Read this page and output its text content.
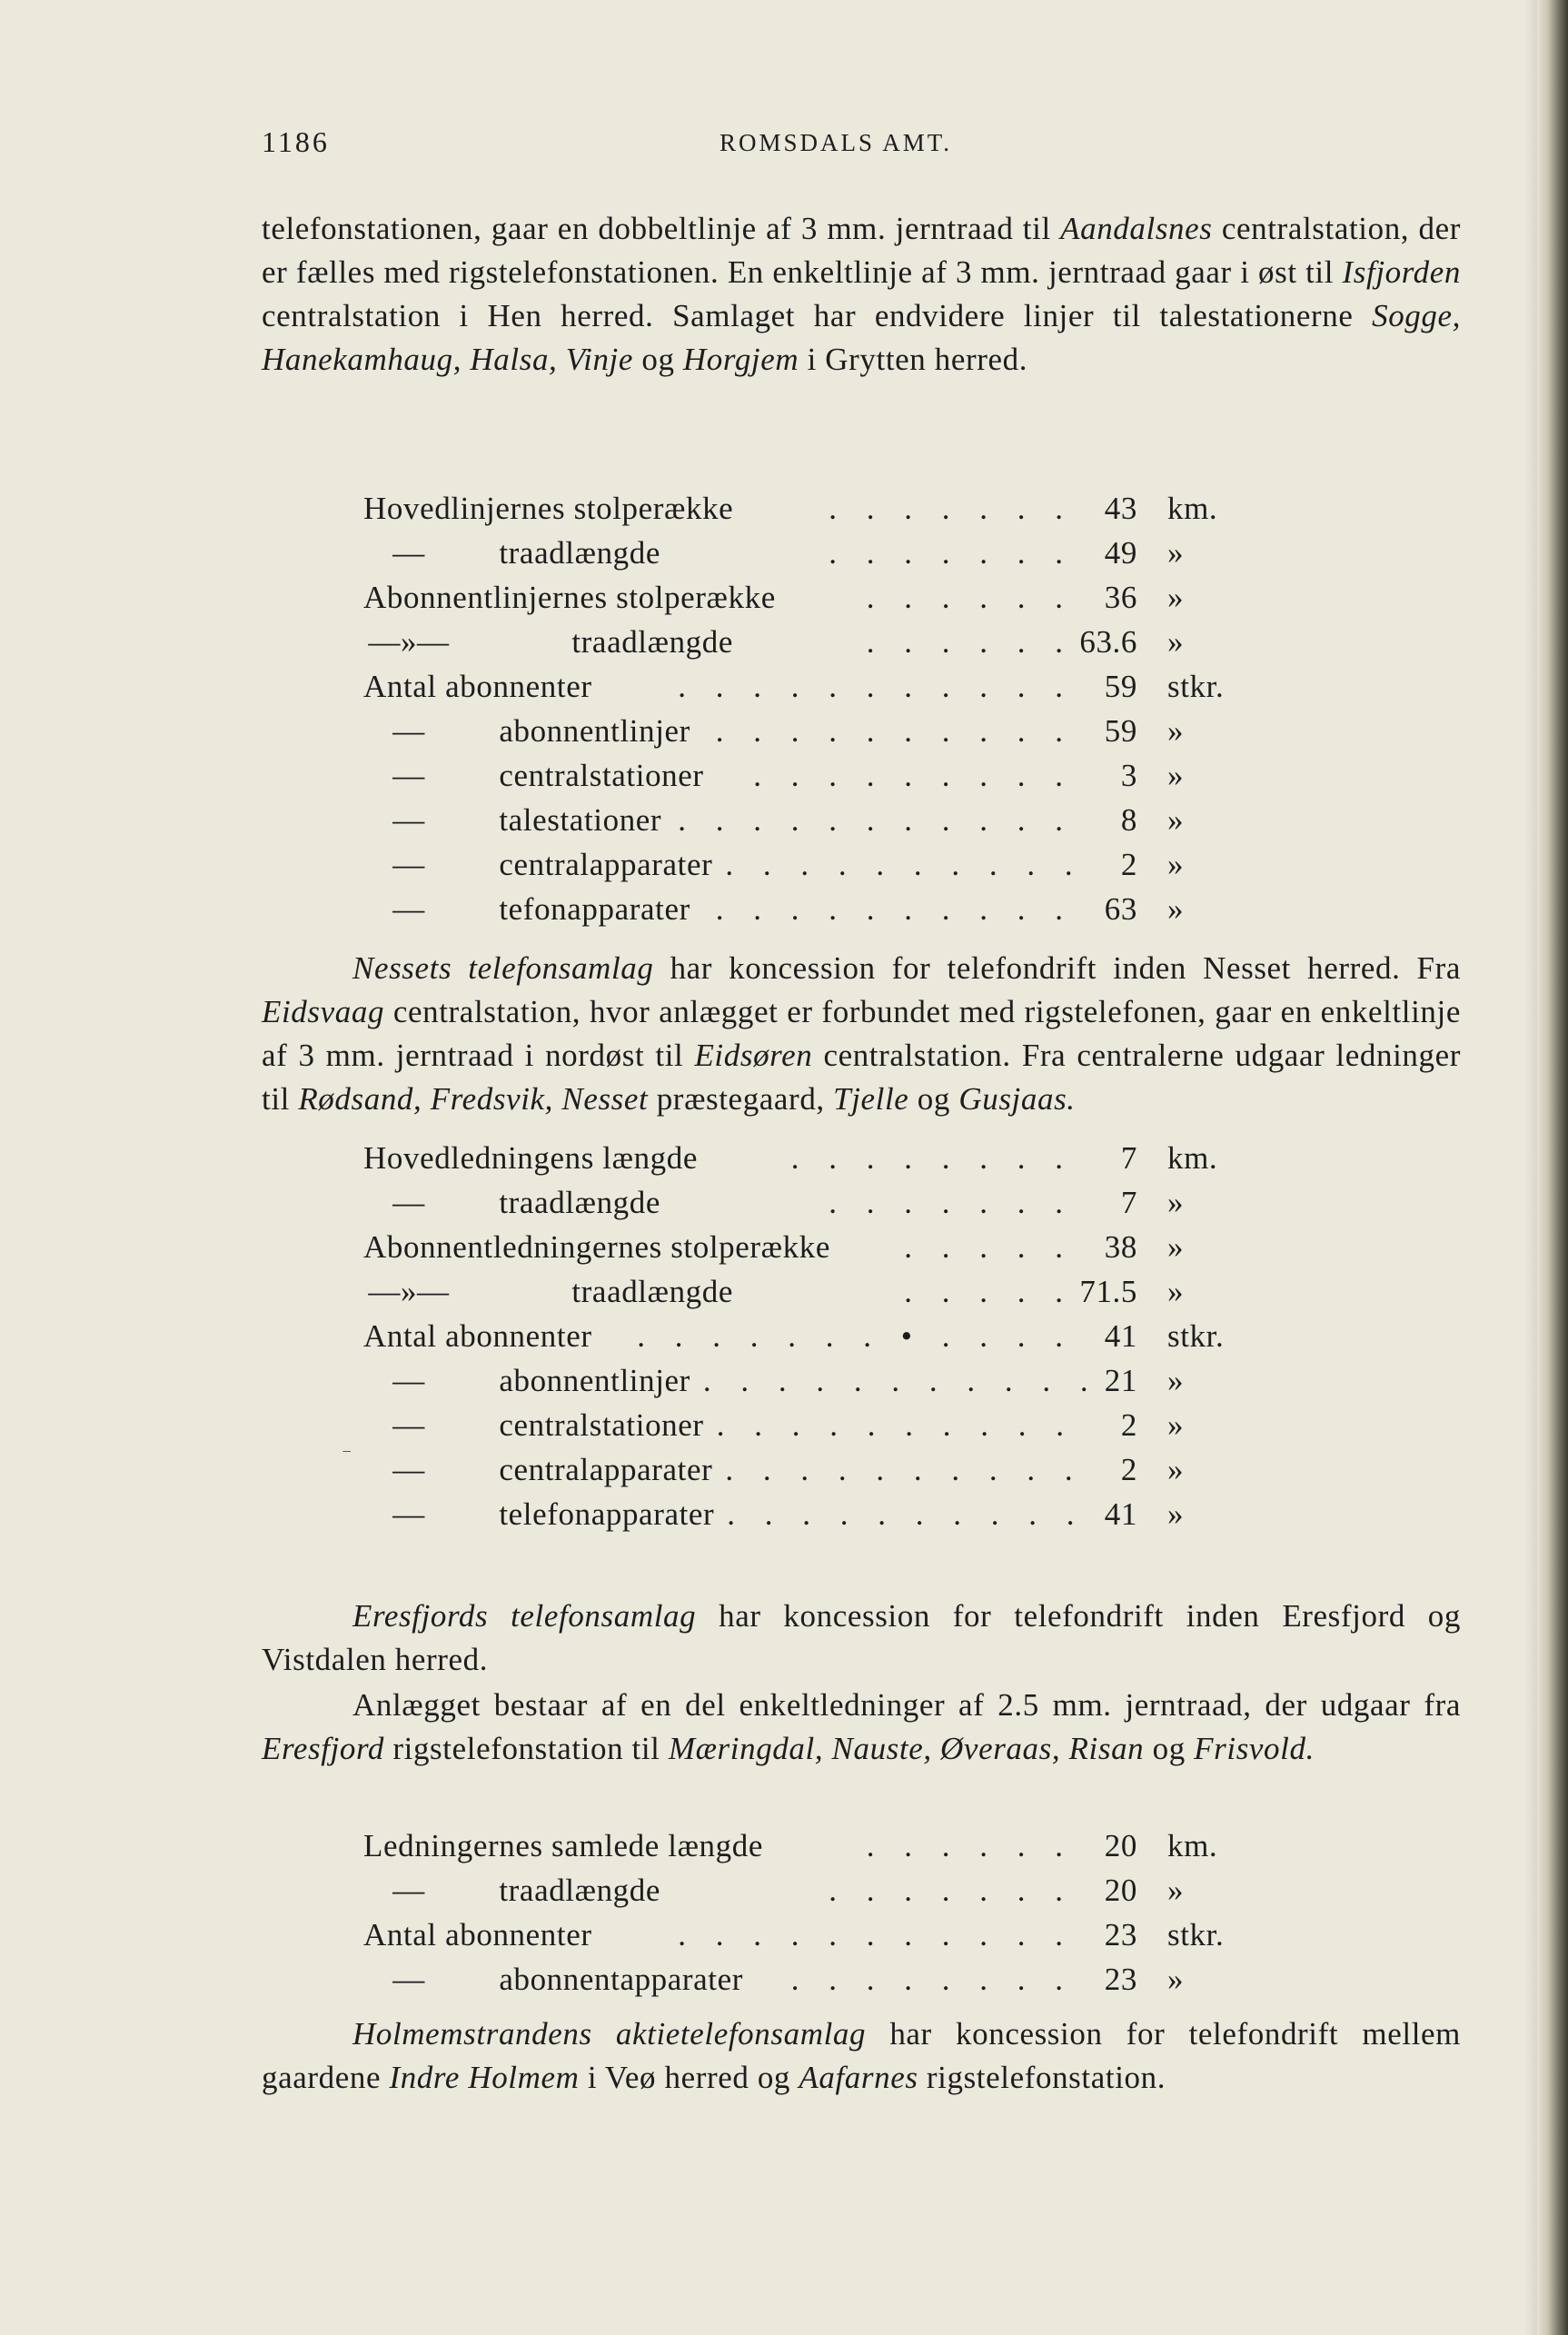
1186	ROMSDALS AMT.
telefonstationen, gaar en dobbeltlinje af 3 mm. jerntraad til Aandalsnes centralstation, der er fælles med rigstelefonstationen. En enkeltlinje af 3 mm. jerntraad gaar i øst til Isfjorden centralstation i Hen herred. Samlaget har endvidere linjer til talestationerne Sogge, Hanekamhaug, Halsa, Vinje og Horgjem i Grytten herred.
Hovedlinjernes stolperække	. . . . . . . 43 km.
— traadlængde	. . . . . . . 49 »
Abonnentlinjernes stolperække	. . . . . . 36 »
—»—	traadlængde	. . . . . . 63.6 »
Antal abonnenter	. . . . . . . . . . . 59 stkr.
— abonnentlinjer . . . . . . . . . . 59 »
— centralstationer . . . . . . . . . 3 »
— talestationer . . . . . . . . . . . 8 »
— centralapparater . . . . . . . . . . 2 »
— tefonapparater . . . . . . . . . . 63 »
Nessets telefonsamlag har koncession for telefondrift inden Nesset herred. Fra Eidsvaag centralstation, hvor anlægget er forbundet med rigstelefonen, gaar en enkeltlinje af 3 mm. jerntraad i nordøst til Eidsøren centralstation. Fra centralerne udgaar ledninger til Rødsand, Fredsvik, Nesset præstegaard, Tjelle og Gusjaas.
Hovedledningens længde	. . . . . . . . 7 km.
— traadlængde	. . . . . . . 7 »
Abonnentledningernes stolperække . . . . . 38 »
—»—	traadlængde	. . . . . 71.5 »
Antal abonnenter . . . . . . . • . . . . 41 stkr.
— abonnentlinjer . . . . . . . . . . . 21 »
— centralstationer . . . . . . . . . . 2 »
— centralapparater . . . . . . . . . . 2 »
— telefonapparater . . . . . . . . . . 41 »
‾
Eresfjords telefonsamlag har koncession for telefondrift inden Eresfjord og Vistdalen herred.
Anlægget bestaar af en del enkeltledninger af 2.5 mm. jerntraad, der udgaar fra Eresfjord rigstelefonstation til Mæringdal, Nauste, Øveraas, Risan og Frisvold.
Ledningernes samlede længde	. . . . . . 20 km.
— traadlængde	. . . . . . . 20 »
Antal abonnenter	. . . . . . . . . . . 23 stkr.
— abonnentapparater . . . . . . . . 23 »
Holmemstrandens aktietelefonsamlag har koncession for telefondrift mellem gaardene Indre Holmem i Veø herred og Aafarnes rigstelefonstation.
